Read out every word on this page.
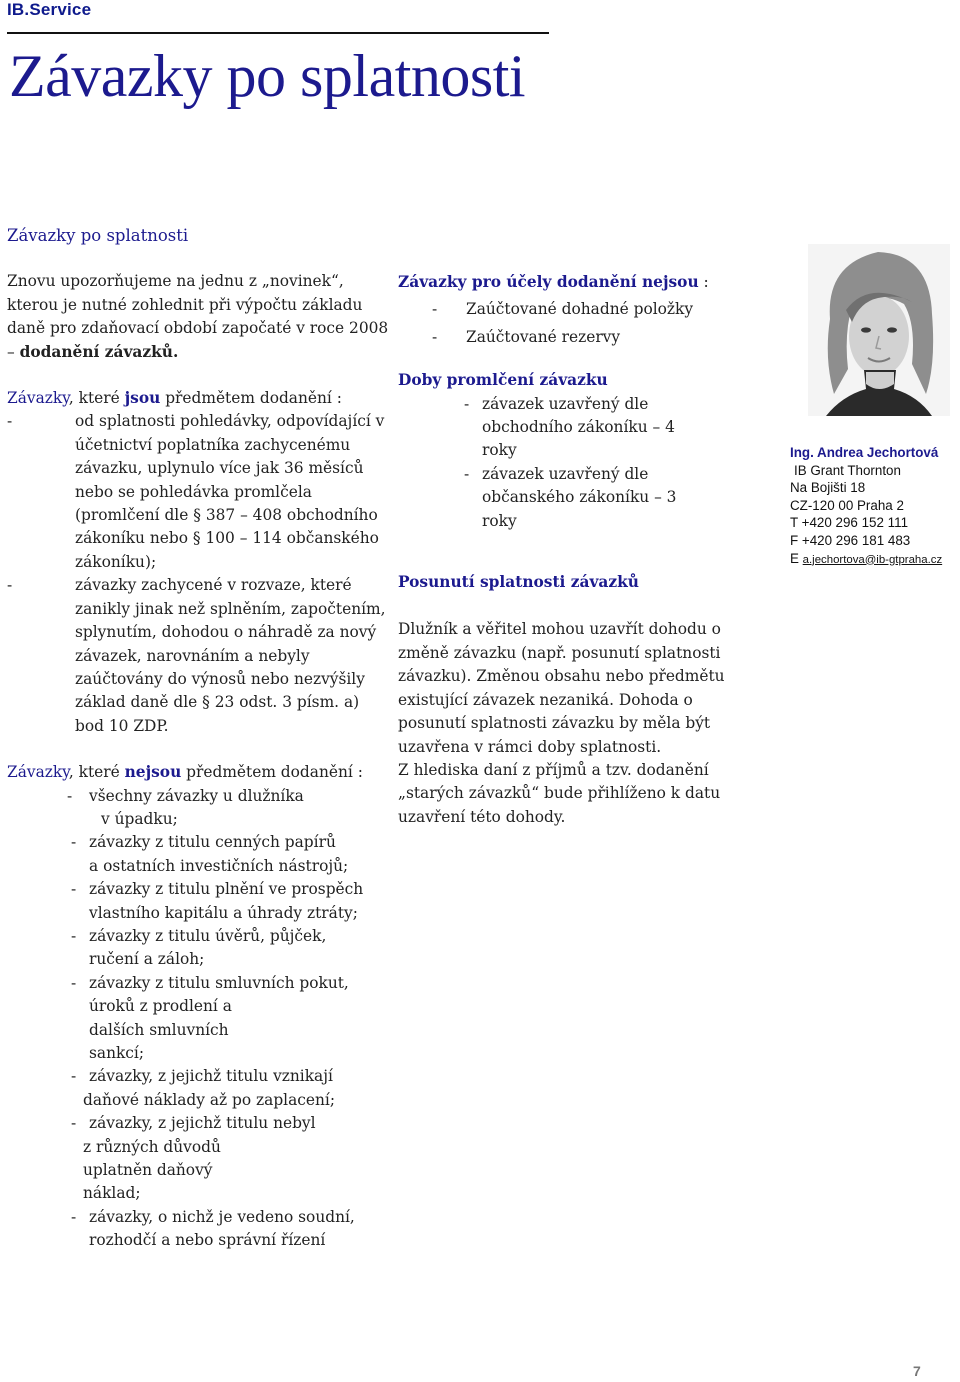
IB.Service
Závazky po splatnosti
Závazky po splatnosti

Znovu upozorňujeme na jednu z „novinek“, kterou je nutné zohlednit při výpočtu základu daně pro zdaňovací období započaté v roce 2008 – dodanění závazků.

Závazky, které jsou předmětem dodanění :

-	od splatnosti pohledávky, odpovídající v účetnictví poplatníka zachycenému závazku, uplynulo více jak 36 měsíců nebo se pohledávka promlčela (promlčení dle § 387 – 408 obchodního zákoníku nebo § 100 – 114 občanského zákoníku);
-	závazky zachycené v rozvaze, které zanikly jinak než splněním, započtením, splynutím, dohodou o náhradě za nový závazek, narovnáním a nebyly zaúčtovány do výnosů nebo nezvýšily základ daně dle § 23 odst. 3 písm. a) bod 10 ZDP.

Závazky, které nejsou předmětem dodanění :

-	všechny závazky u dlužníka
v úpadku;
- závazky z titulu cenných papírů
a ostatních investičních nástrojů;
- závazky z titulu plnění ve prospěch
vlastního kapitálu a úhrady ztráty;
- závazky z titulu úvěrů, půjček,
ručení a záloh;
- závazky z titulu smluvních pokut,
úroků z prodlení a dalších smluvních sankcí;
- závazky, z jejichž titulu vznikají
daňové náklady až po zaplacení;
- závazky, z jejichž titulu nebyl
z různých důvodů uplatněn daňový náklad;
- závazky, o nichž je vedeno soudní,
rozhodčí a nebo správní řízení

Závazky pro účely dodanění nejsou :

-	Zaúčtované dohadné položky
-	Zaúčtované rezervy

Doby promlčení závazku

- závazek uzavřený dle obchodního zákoníku – 4 roky
- závazek uzavřený dle občanského zákoníku – 3 roky

Posunutí splatnosti závazků

Dlužník a věřitel mohou uzavřít dohodu o změně závazku (např. posunutí splatnosti závazku). Změnou obsahu nebo předmětu existující závazek nezaniká. Dohoda o posunutí splatnosti závazku by měla být uzavřena v rámci doby splatnosti.

Z hlediska daní z příjmů a tzv. dodanění „starých závazků“ bude přihlíženo k datu uzavření této dohody.

Ing. Andrea Jechortová
IB Grant Thornton
Na Bojišti 18
CZ-120 00 Praha 2
T +420 296 152 111
F +420 296 181 483
E a.jechortova@ib-gtpraha.cz
7
